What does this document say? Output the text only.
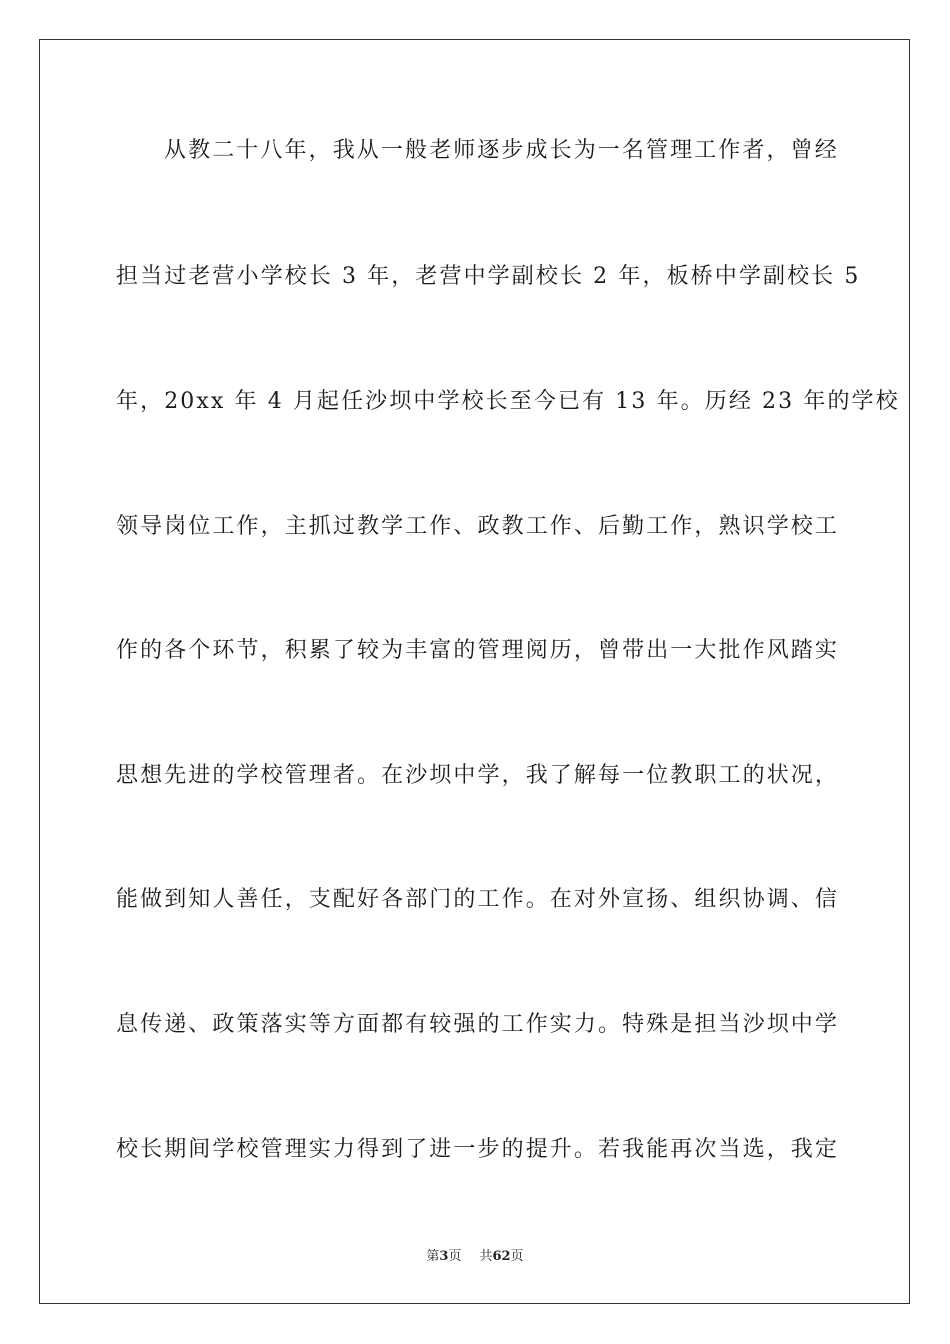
从教二十八年，我从一般老师逐步成长为一名管理工作者，曾经
担当过老营小学校长 3 年，老营中学副校长 2 年，板桥中学副校长 5
年，20xx 年 4 月起任沙坝中学校长至今已有 13 年。历经 23 年的学校
领导岗位工作，主抓过教学工作、政教工作、后勤工作，熟识学校工
作的各个环节，积累了较为丰富的管理阅历，曾带出一大批作风踏实
思想先进的学校管理者。在沙坝中学，我了解每一位教职工的状况，
能做到知人善任，支配好各部门的工作。在对外宣扬、组织协调、信
息传递、政策落实等方面都有较强的工作实力。特殊是担当沙坝中学
校长期间学校管理实力得到了进一步的提升。若我能再次当选，我定
第3页 共62页
